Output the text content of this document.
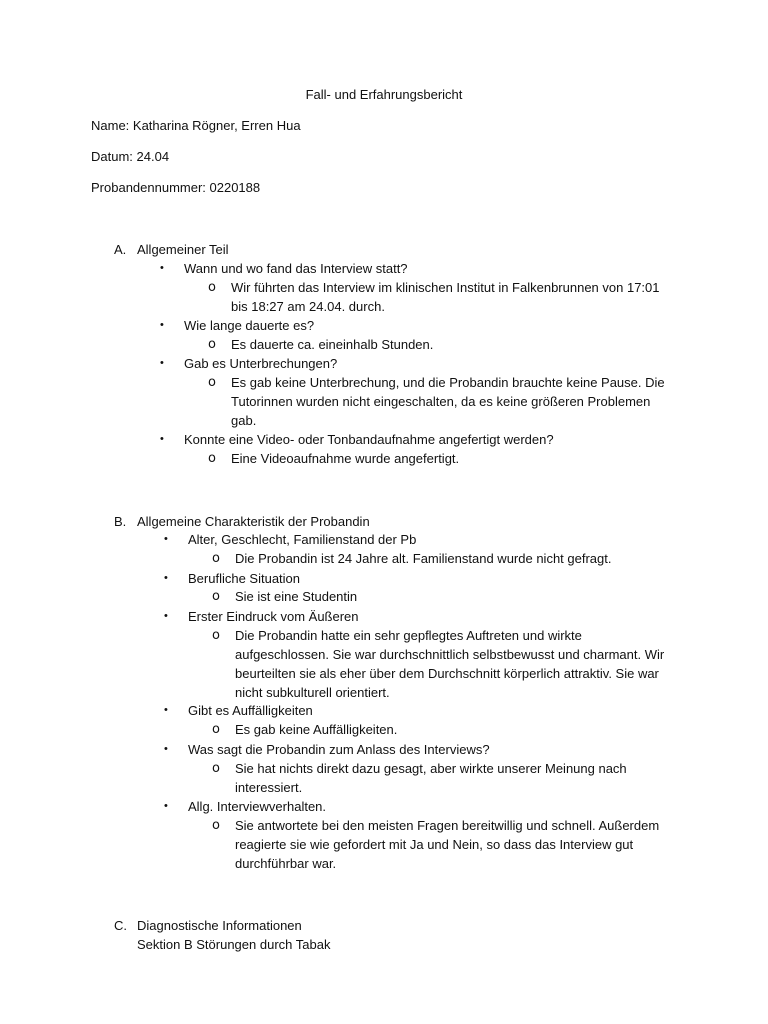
Fall- und Erfahrungsbericht
Name: Katharina Rögner, Erren Hua
Datum: 24.04
Probandennummer: 0220188
A. Allgemeiner Teil
• Wann und wo fand das Interview statt?
o Wir führten das Interview im klinischen Institut in Falkenbrunnen von 17:01 bis 18:27 am 24.04. durch.
• Wie lange dauerte es?
o Es dauerte ca. eineinhalb Stunden.
• Gab es Unterbrechungen?
o Es gab keine Unterbrechung, und die Probandin brauchte keine Pause. Die Tutorinnen wurden nicht eingeschalten, da es keine größeren Problemen gab.
• Konnte eine Video- oder Tonbandaufnahme angefertigt werden?
o Eine Videoaufnahme wurde angefertigt.
B. Allgemeine Charakteristik der Probandin
• Alter, Geschlecht, Familienstand der Pb
o Die Probandin ist 24 Jahre alt. Familienstand wurde nicht gefragt.
• Berufliche Situation
o Sie ist eine Studentin
• Erster Eindruck vom Äußeren
o Die Probandin hatte ein sehr gepflegtes Auftreten und wirkte aufgeschlossen. Sie war durchschnittlich selbstbewusst und charmant. Wir beurteilten sie als eher über dem Durchschnitt körperlich attraktiv. Sie war nicht subkulturell orientiert.
• Gibt es Auffälligkeiten
o Es gab keine Auffälligkeiten.
• Was sagt die Probandin zum Anlass des Interviews?
o Sie hat nichts direkt dazu gesagt, aber wirkte unserer Meinung nach interessiert.
• Allg. Interviewverhalten.
o Sie antwortete bei den meisten Fragen bereitwillig und schnell. Außerdem reagierte sie wie gefordert mit Ja und Nein, so dass das Interview gut durchführbar war.
C. Diagnostische Informationen
Sektion B Störungen durch Tabak
